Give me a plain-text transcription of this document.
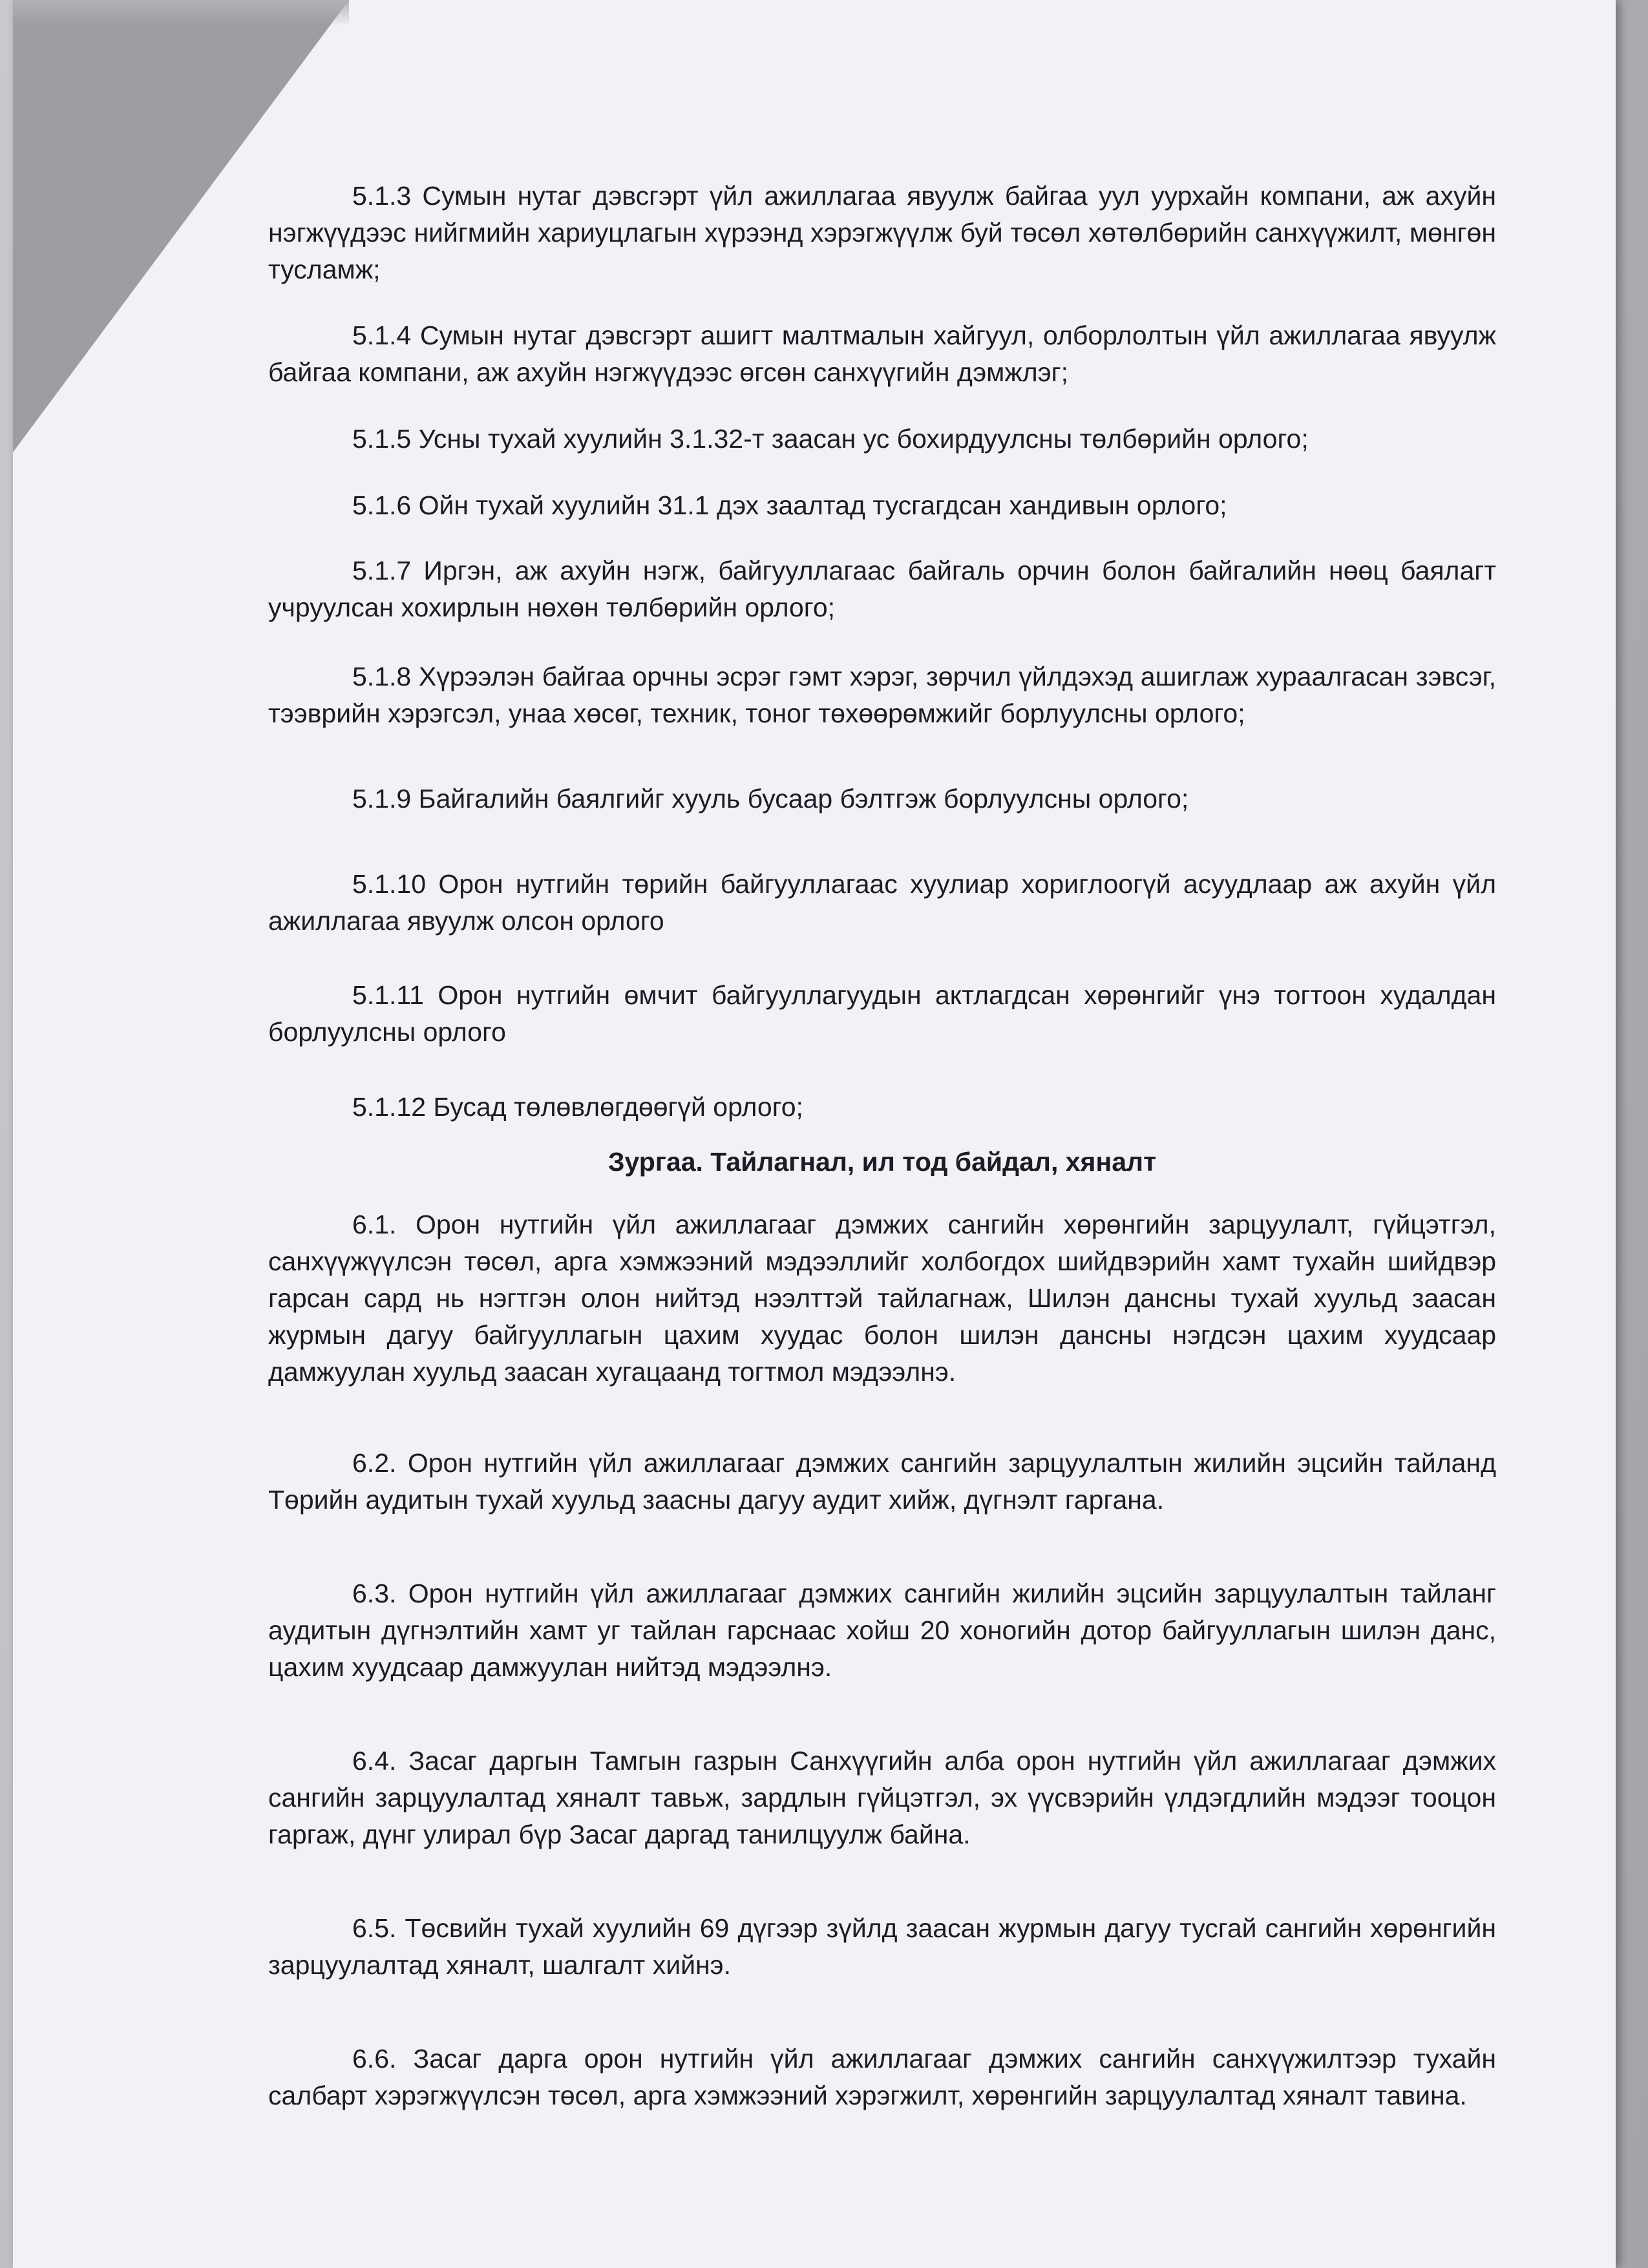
5.1.3 Сумын нутаг дэвсгэрт үйл ажиллагаа явуулж байгаа уул уурхайн компани, аж ахуйн нэгжүүдээс нийгмийн хариуцлагын хүрээнд хэрэгжүүлж буй төсөл хөтөлбөрийн санхүүжилт, мөнгөн тусламж;

5.1.4 Сумын нутаг дэвсгэрт ашигт малтмалын хайгуул, олборлолтын үйл ажиллагаа явуулж байгаа компани, аж ахуйн нэгжүүдээс өгсөн санхүүгийн дэмжлэг;

5.1.5 Усны тухай хуулийн 3.1.32-т заасан ус бохирдуулсны төлбөрийн орлого;

5.1.6 Ойн тухай хуулийн 31.1 дэх заалтад тусгагдсан хандивын орлого;

5.1.7 Иргэн, аж ахуйн нэгж, байгууллагаас байгаль орчин болон байгалийн нөөц баялагт учруулсан хохирлын нөхөн төлбөрийн орлого;

5.1.8 Хүрээлэн байгаа орчны эсрэг гэмт хэрэг, зөрчил үйлдэхэд ашиглаж хураалгасан зэвсэг, тээврийн хэрэгсэл, унаа хөсөг, техник, тоног төхөөрөмжийг борлуулсны орлого;

5.1.9 Байгалийн баялгийг хууль бусаар бэлтгэж борлуулсны орлого;

5.1.10 Орон нутгийн төрийн байгууллагаас хуулиар хориглоогүй асуудлаар аж ахуйн үйл ажиллагаа явуулж олсон орлого

5.1.11 Орон нутгийн өмчит байгууллагуудын актлагдсан хөрөнгийг үнэ тогтоон худалдан борлуулсны орлого

5.1.12 Бусад төлөвлөгдөөгүй орлого;

Зургаа. Тайлагнал, ил тод байдал, хяналт

6.1. Орон нутгийн үйл ажиллагааг дэмжих сангийн хөрөнгийн зарцуулалт, гүйцэтгэл, санхүүжүүлсэн төсөл, арга хэмжээний мэдээллийг холбогдох шийдвэрийн хамт тухайн шийдвэр гарсан сард нь нэгтгэн олон нийтэд нээлттэй тайлагнаж, Шилэн дансны тухай хуульд заасан журмын дагуу байгууллагын цахим хуудас болон шилэн дансны нэгдсэн цахим хуудсаар дамжуулан хуульд заасан хугацаанд тогтмол мэдээлнэ.

6.2. Орон нутгийн үйл ажиллагааг дэмжих сангийн зарцуулалтын жилийн эцсийн тайланд Төрийн аудитын тухай хуульд заасны дагуу аудит хийж, дүгнэлт гаргана.

6.3. Орон нутгийн үйл ажиллагааг дэмжих сангийн жилийн эцсийн зарцуулалтын тайланг аудитын дүгнэлтийн хамт уг тайлан гарснаас хойш 20 хоногийн дотор байгууллагын шилэн данс, цахим хуудсаар дамжуулан нийтэд мэдээлнэ.

6.4. Засаг даргын Тамгын газрын Санхүүгийн алба орон нутгийн үйл ажиллагааг дэмжих сангийн зарцуулалтад хяналт тавьж, зардлын гүйцэтгэл, эх үүсвэрийн үлдэгдлийн мэдээг тооцон гаргаж, дүнг улирал бүр Засаг даргад танилцуулж байна.

6.5. Төсвийн тухай хуулийн 69 дүгээр зүйлд заасан журмын дагуу тусгай сангийн хөрөнгийн зарцуулалтад хяналт, шалгалт хийнэ.

6.6. Засаг дарга орон нутгийн үйл ажиллагааг дэмжих сангийн санхүүжилтээр тухайн салбарт хэрэгжүүлсэн төсөл, арга хэмжээний хэрэгжилт, хөрөнгийн зарцуулалтад хяналт тавина.
